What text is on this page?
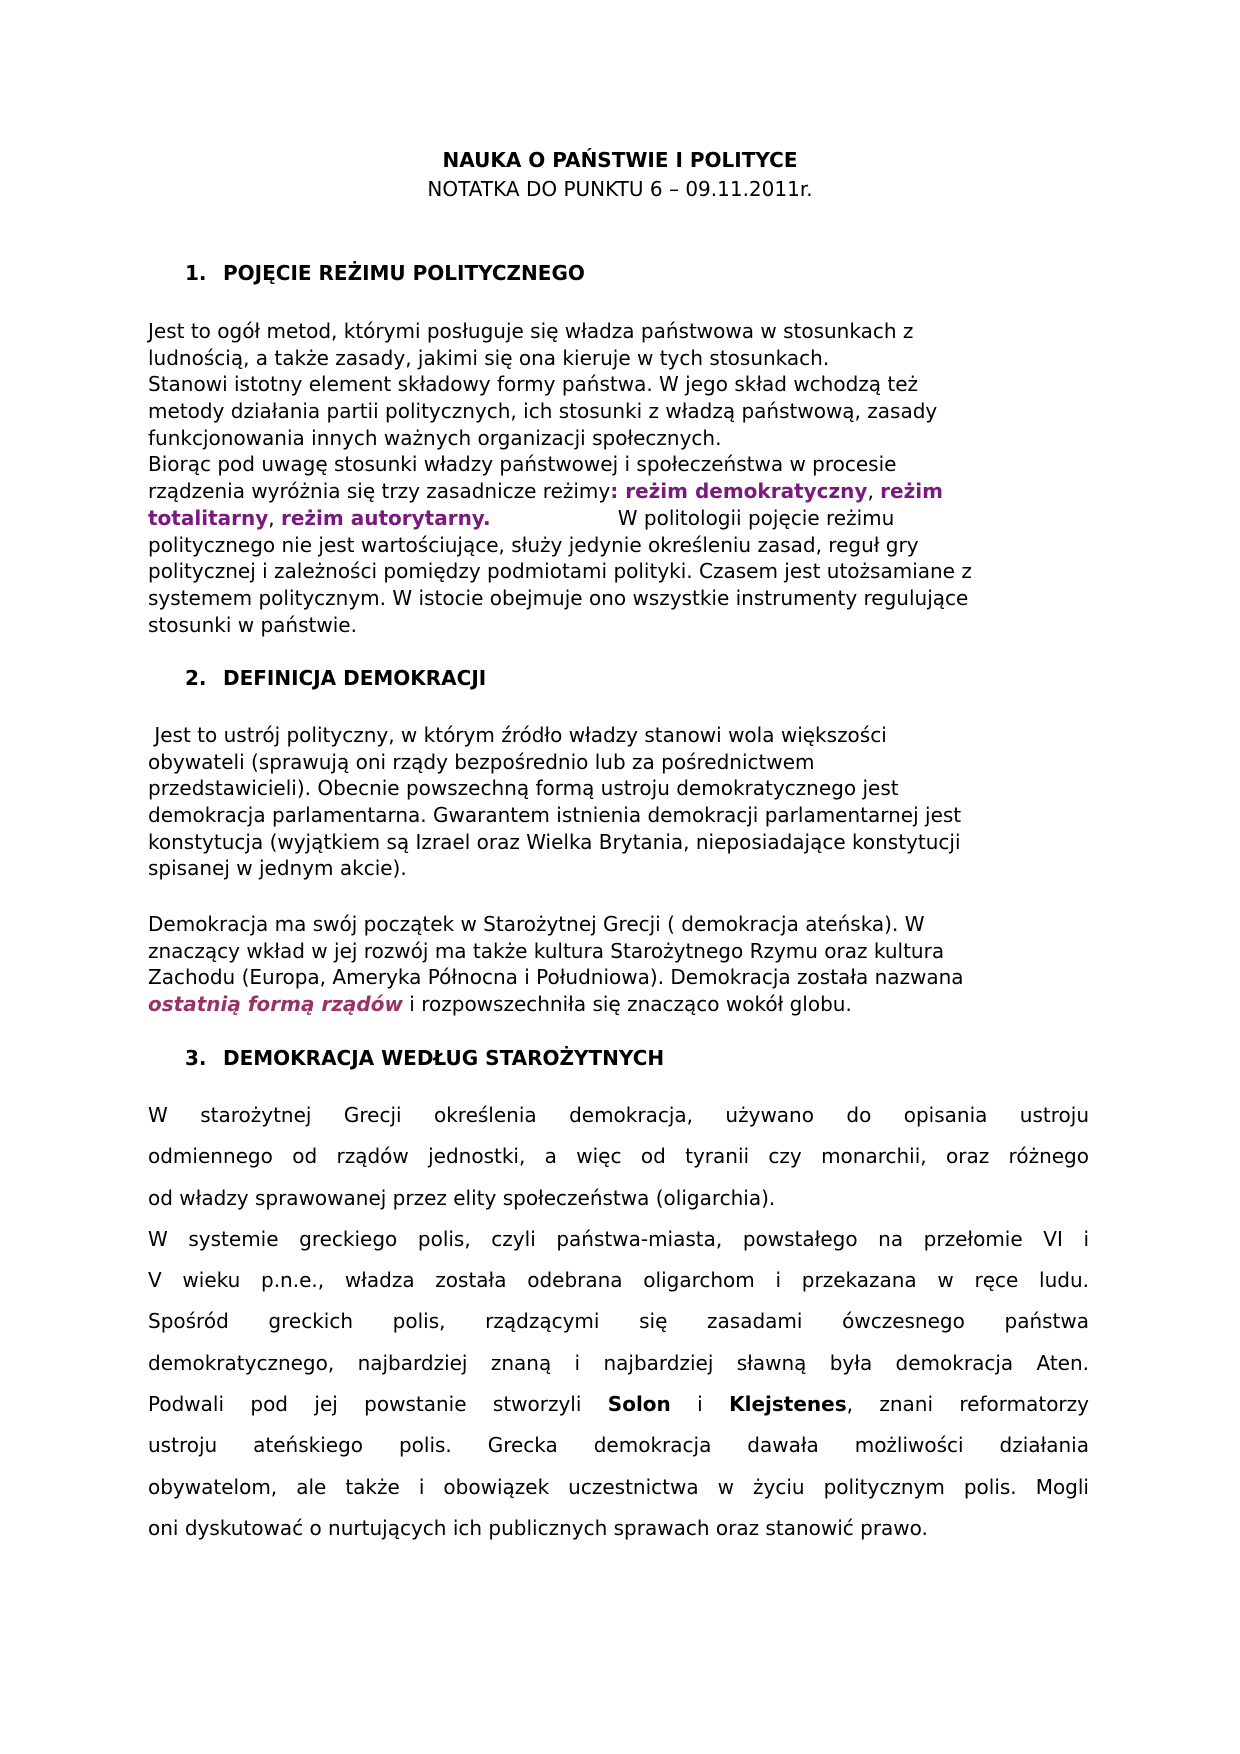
NAUKA O PAŃSTWIE I POLITYCE
NOTATKA DO PUNKTU 6 – 09.11.2011r.
1. POJĘCIE REŻIMU POLITYCZNEGO
Jest to ogół metod, którymi posługuje się władza państwowa w stosunkach z
ludnością, a także zasady, jakimi się ona kieruje w tych stosunkach.
Stanowi istotny element składowy formy państwa. W jego skład wchodzą też
metody działania partii politycznych, ich stosunki z władzą państwową, zasady
funkcjonowania innych ważnych organizacji społecznych.
Biorąc pod uwagę stosunki władzy państwowej i społeczeństwa w procesie
rządzenia wyróżnia się trzy zasadnicze reżimy: reżim demokratyczny, reżim
totalitarny, reżim autorytarny.                    W politologii pojęcie reżimu
politycznego nie jest wartościujące, służy jedynie określeniu zasad, reguł gry
politycznej i zależności pomiędzy podmiotami polityki. Czasem jest utożsamiane z
systemem politycznym. W istocie obejmuje ono wszystkie instrumenty regulujące
stosunki w państwie.
2. DEFINICJA DEMOKRACJI
Jest to ustrój polityczny, w którym źródło władzy stanowi wola większości
obywateli (sprawują oni rządy bezpośrednio lub za pośrednictwem
przedstawicieli). Obecnie powszechną formą ustroju demokratycznego jest
demokracja parlamentarna. Gwarantem istnienia demokracji parlamentarnej jest
konstytucja (wyjątkiem są Izrael oraz Wielka Brytania, nieposiadające konstytucji
spisanej w jednym akcie).
Demokracja ma swój początek w Starożytnej Grecji ( demokracja ateńska). W
znaczący wkład w jej rozwój ma także kultura Starożytnego Rzymu oraz kultura
Zachodu (Europa, Ameryka Północna i Południowa). Demokracja została nazwana
ostatnią formą rządów i rozpowszechniła się znacząco wokół globu.
3. DEMOKRACJA WEDŁUG STAROŻYTNYCH
W starożytnej Grecji określenia demokracja, używano do opisania ustroju
odmiennego od rządów jednostki, a więc od tyranii czy monarchii, oraz różnego
od władzy sprawowanej przez elity społeczeństwa (oligarchia).
W systemie greckiego polis, czyli państwa-miasta, powstałego na przełomie VI i
V wieku p.n.e., władza została odebrana oligarchom i przekazana w ręce ludu.
Spośród greckich polis, rządzącymi się zasadami ówczesnego państwa
demokratycznego, najbardziej znaną i najbardziej sławną była demokracja Aten.
Podwali pod jej powstanie stworzyli Solon i Klejstenes, znani reformatorzy
ustroju ateńskiego polis. Grecka demokracja dawała możliwości działania
obywatelom, ale także i obowiązek uczestnictwa w życiu politycznym polis. Mogli
oni dyskutować o nurtujących ich publicznych sprawach oraz stanowić prawo.
